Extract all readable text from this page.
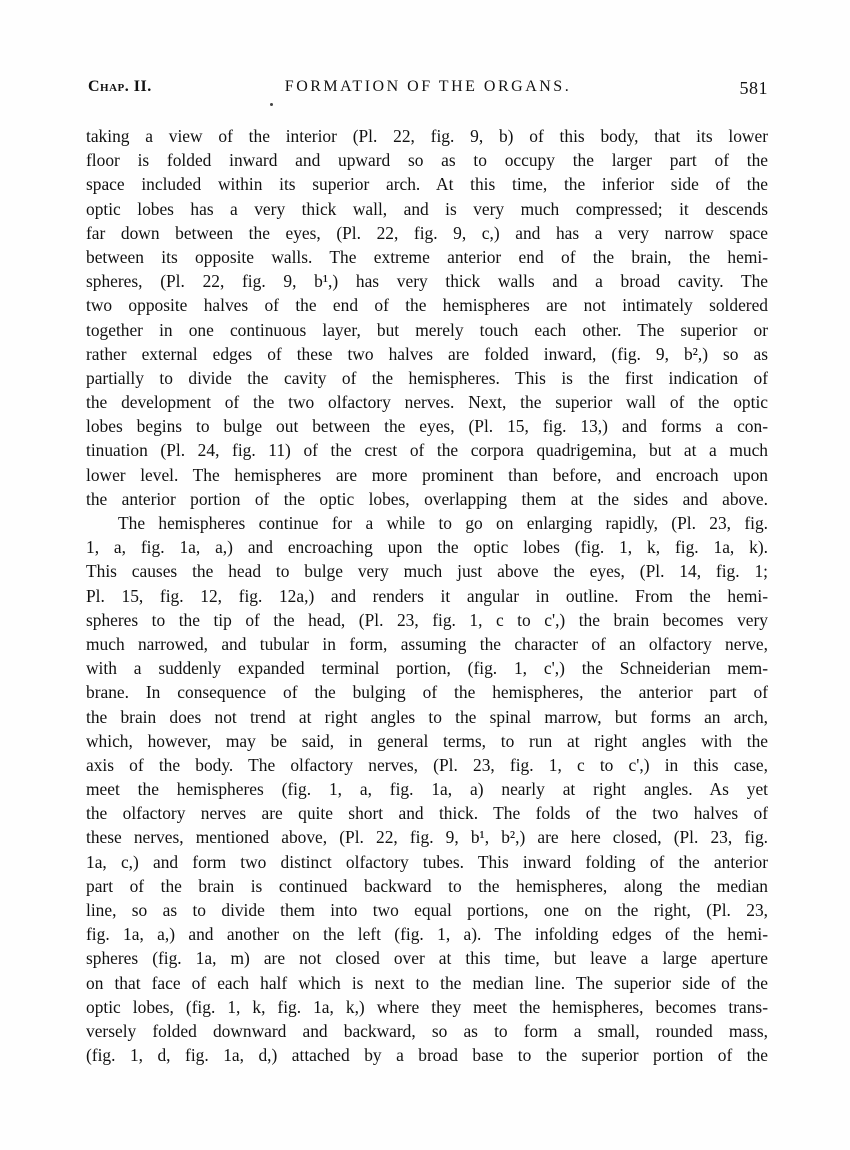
Chap. II.	FORMATION OF THE ORGANS.	581
taking a view of the interior (Pl. 22, fig. 9, b) of this body, that its lower
floor is folded inward and upward so as to occupy the larger part of the
space included within its superior arch. At this time, the inferior side of the
optic lobes has a very thick wall, and is very much compressed; it descends
far down between the eyes, (Pl. 22, fig. 9, c,) and has a very narrow space
between its opposite walls. The extreme anterior end of the brain, the hemi-
spheres, (Pl. 22, fig. 9, b¹,) has very thick walls and a broad cavity. The
two opposite halves of the end of the hemispheres are not intimately soldered
together in one continuous layer, but merely touch each other. The superior or
rather external edges of these two halves are folded inward, (fig. 9, b²,) so as
partially to divide the cavity of the hemispheres. This is the first indication of
the development of the two olfactory nerves. Next, the superior wall of the optic
lobes begins to bulge out between the eyes, (Pl. 15, fig. 13,) and forms a con-
tinuation (Pl. 24, fig. 11) of the crest of the corpora quadrigemina, but at a much
lower level. The hemispheres are more prominent than before, and encroach upon
the anterior portion of the optic lobes, overlapping them at the sides and above.
The hemispheres continue for a while to go on enlarging rapidly, (Pl. 23, fig.
1, a, fig. 1a, a,) and encroaching upon the optic lobes (fig. 1, k, fig. 1a, k).
This causes the head to bulge very much just above the eyes, (Pl. 14, fig. 1;
Pl. 15, fig. 12, fig. 12a,) and renders it angular in outline. From the hemi-
spheres to the tip of the head, (Pl. 23, fig. 1, c to c',) the brain becomes very
much narrowed, and tubular in form, assuming the character of an olfactory nerve,
with a suddenly expanded terminal portion, (fig. 1, c',) the Schneiderian mem-
brane. In consequence of the bulging of the hemispheres, the anterior part of
the brain does not trend at right angles to the spinal marrow, but forms an arch,
which, however, may be said, in general terms, to run at right angles with the
axis of the body. The olfactory nerves, (Pl. 23, fig. 1, c to c',) in this case,
meet the hemispheres (fig. 1, a, fig. 1a, a) nearly at right angles. As yet
the olfactory nerves are quite short and thick. The folds of the two halves of
these nerves, mentioned above, (Pl. 22, fig. 9, b¹, b²,) are here closed, (Pl. 23, fig.
1a, c,) and form two distinct olfactory tubes. This inward folding of the anterior
part of the brain is continued backward to the hemispheres, along the median
line, so as to divide them into two equal portions, one on the right, (Pl. 23,
fig. 1a, a,) and another on the left (fig. 1, a). The infolding edges of the hemi-
spheres (fig. 1a, m) are not closed over at this time, but leave a large aperture
on that face of each half which is next to the median line. The superior side of the
optic lobes, (fig. 1, k, fig. 1a, k,) where they meet the hemispheres, becomes trans-
versely folded downward and backward, so as to form a small, rounded mass,
(fig. 1, d, fig. 1a, d,) attached by a broad base to the superior portion of the
